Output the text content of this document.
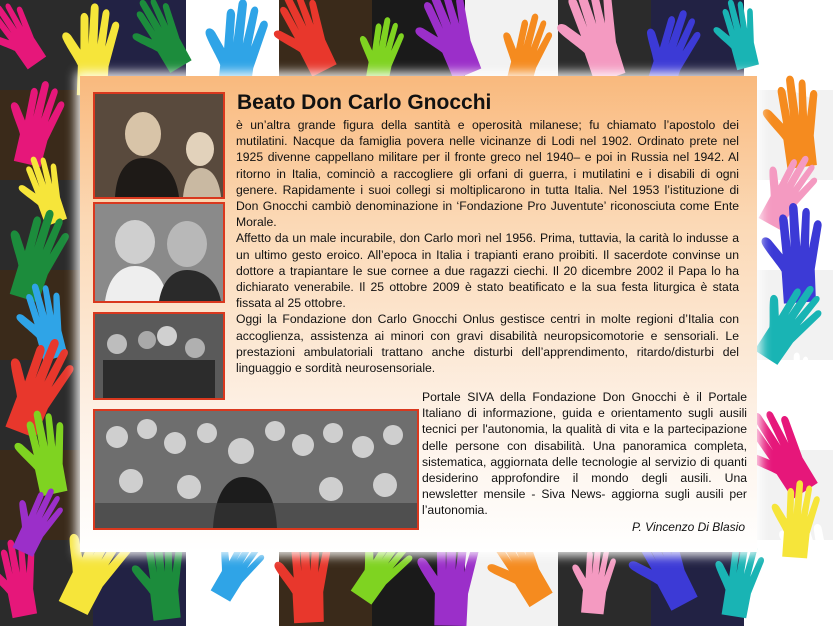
Beato Don Carlo Gnocchi

è un’altra grande figura della santità e operosità milanese; fu chiamato l’apostolo dei mutilatini. Nacque da famiglia povera nelle vicinanze di Lodi nel 1902. Ordinato prete nel 1925 divenne cappellano militare per il fronte greco nel 1940– e poi in Russia nel 1942. Al ritorno in Italia, cominciò a raccogliere gli orfani di guerra, i mutilatini e i disabili di ogni genere. Rapidamente i suoi collegi si moltiplicarono in tutta Italia. Nel 1953 l’istituzione di Don Gnocchi cambiò denominazione in ‘Fondazione Pro Juventute’ riconosciuta come Ente Morale.

Affetto da un male incurabile, don Carlo morì nel 1956. Prima, tuttavia, la carità lo indusse a un ultimo gesto eroico. All’epoca in Italia i trapianti erano proibiti. Il sacerdote convinse un dottore a trapiantare le sue cornee a due ragazzi ciechi. Il 20 dicembre 2002 il Papa lo ha dichiarato venerabile. Il 25 ottobre 2009 è stato beatificato e la sua festa liturgica è stata fissata al 25 ottobre.

Oggi la Fondazione don Carlo Gnocchi Onlus gestisce centri in molte regioni d’Italia con accoglienza, assistenza ai minori con gravi disabilità neuropsicomotorie e sensoriali. Le prestazioni ambulatoriali trattano anche disturbi dell’apprendimento, ritardo/disturbi del linguaggio e sordità neurosensoriale.

Portale SIVA della Fondazione Don Gnocchi è il Portale Italiano di informazione, guida e orientamento sugli ausili tecnici per l'autonomia, la qualità di vita e la partecipazione delle persone con disabilità. Una panoramica completa, sistematica, aggiornata delle tecnologie al servizio di quanti desiderino approfondire il mondo degli ausili. Una newsletter mensile - Siva News- aggiorna sugli ausili per l’autonomia.

P. Vincenzo Di Blasio
